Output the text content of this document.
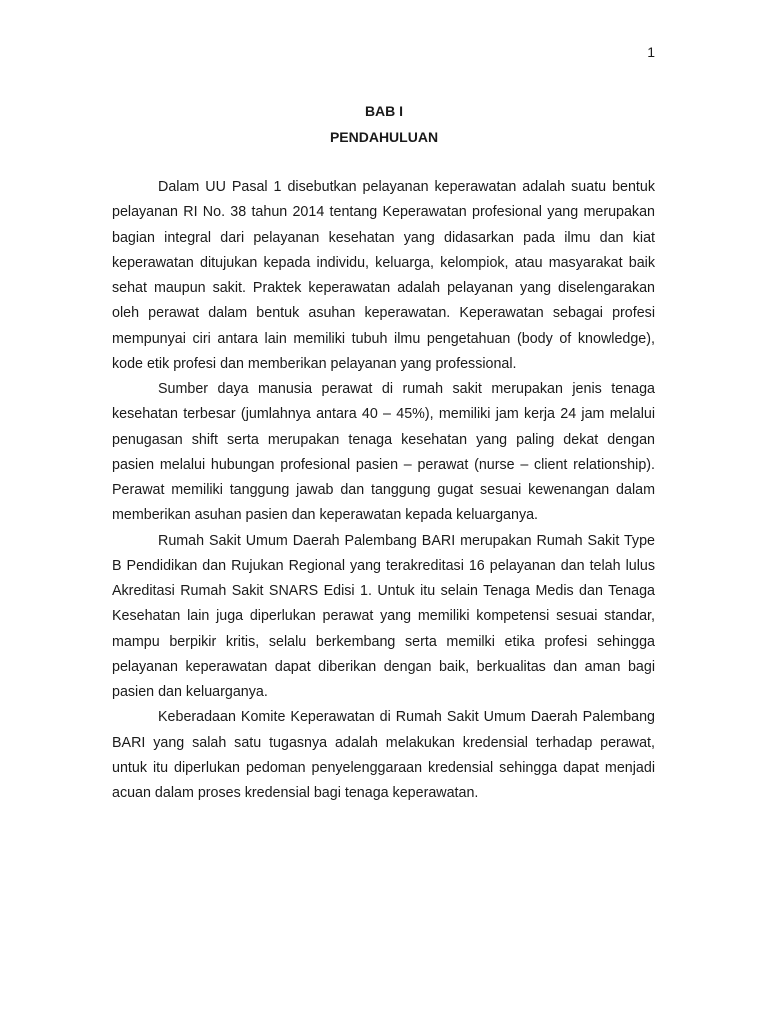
1
BAB I
PENDAHULUAN

Dalam UU Pasal 1 disebutkan pelayanan keperawatan adalah suatu bentuk pelayanan RI No. 38 tahun 2014 tentang Keperawatan profesional yang merupakan bagian integral dari pelayanan kesehatan yang didasarkan pada ilmu dan kiat keperawatan ditujukan kepada individu, keluarga, kelompiok, atau masyarakat baik sehat maupun sakit. Praktek keperawatan adalah pelayanan yang diselengarakan oleh perawat dalam bentuk asuhan keperawatan. Keperawatan sebagai profesi mempunyai ciri antara lain memiliki tubuh ilmu pengetahuan (body of knowledge), kode etik profesi dan memberikan pelayanan yang professional.

Sumber daya manusia perawat di rumah sakit merupakan jenis tenaga kesehatan terbesar (jumlahnya antara 40 – 45%), memiliki jam kerja 24 jam melalui penugasan shift serta merupakan tenaga kesehatan yang paling dekat dengan pasien melalui hubungan profesional pasien – perawat (nurse – client relationship). Perawat memiliki tanggung jawab dan tanggung gugat sesuai kewenangan dalam memberikan asuhan pasien dan keperawatan kepada keluarganya.

Rumah Sakit Umum Daerah Palembang BARI merupakan Rumah Sakit Type B Pendidikan dan Rujukan Regional yang terakreditasi 16 pelayanan dan telah lulus Akreditasi Rumah Sakit SNARS Edisi 1. Untuk itu selain Tenaga Medis dan Tenaga Kesehatan lain juga diperlukan perawat yang memiliki kompetensi sesuai standar, mampu berpikir kritis, selalu berkembang serta memilki etika profesi sehingga pelayanan keperawatan dapat diberikan dengan baik, berkualitas dan aman bagi pasien dan keluarganya.

Keberadaan Komite Keperawatan di Rumah Sakit Umum Daerah Palembang BARI yang salah satu tugasnya adalah melakukan kredensial terhadap perawat, untuk itu diperlukan pedoman penyelenggaraan kredensial sehingga dapat menjadi acuan dalam proses kredensial bagi tenaga keperawatan.
